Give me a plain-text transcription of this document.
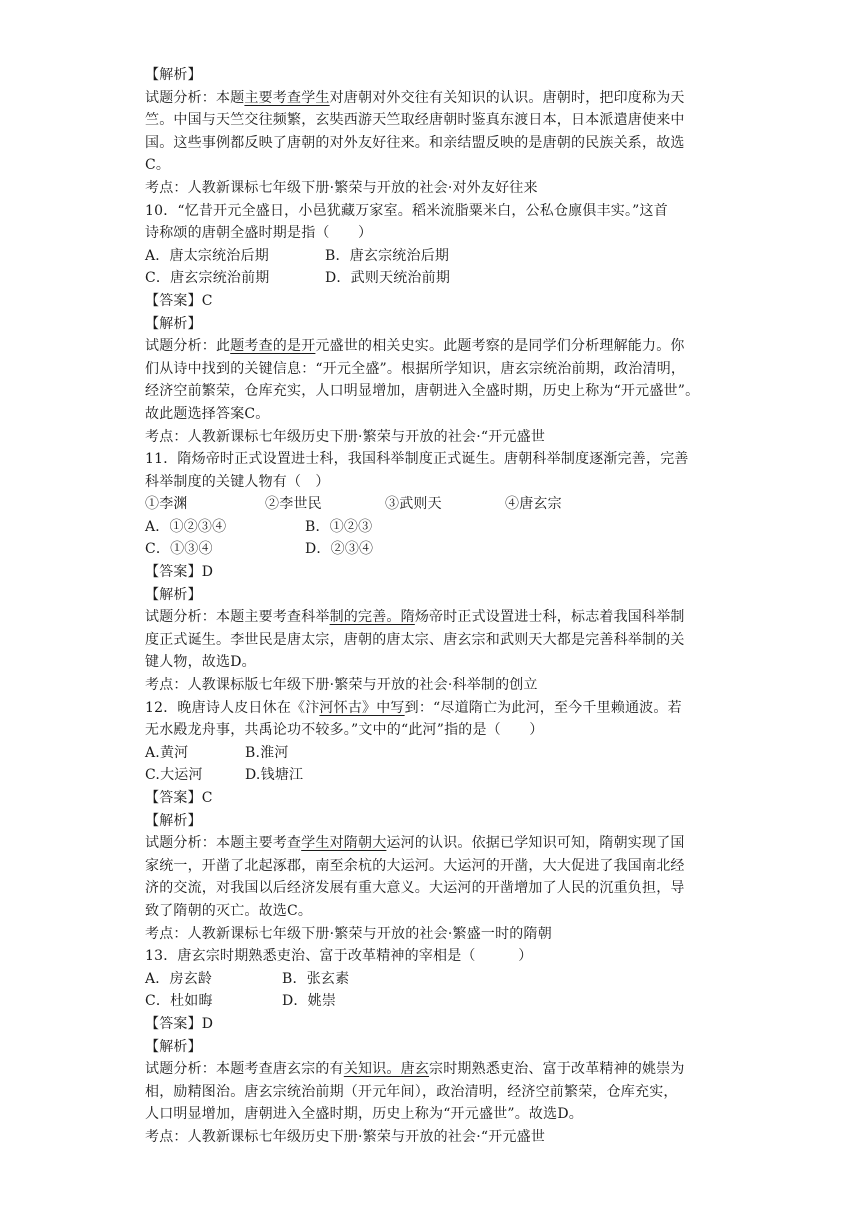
【解析】
试题分析：本题主要考查学生对唐朝对外交往有关知识的认识。唐朝时，把印度称为天
竺。中国与天竺交往频繁，玄奘西游天竺取经唐朝时鉴真东渡日本，日本派遣唐使来中
国。这些事例都反映了唐朝的对外友好往来。和亲结盟反映的是唐朝的民族关系，故选
C。
考点：人教新课标七年级下册·繁荣与开放的社会·对外友好往来
10．“忆昔开元全盛日，小邑犹藏万家室。稻米流脂粟米白，公私仓廪俱丰实。”这首
诗称颂的唐朝全盛时期是指（　　）
A．唐太宗统治后期	B．唐玄宗统治后期
C．唐玄宗统治前期	D．武则天统治前期
【答案】C
【解析】
试题分析：此题考查的是开元盛世的相关史实。此题考察的是同学们分析理解能力。你
们从诗中找到的关键信息：“开元全盛”。根据所学知识，唐玄宗统治前期，政治清明，
经济空前繁荣，仓库充实，人口明显增加，唐朝进入全盛时期，历史上称为“开元盛世”。
故此题选择答案C。
考点：人教新课标七年级历史下册·繁荣与开放的社会·“开元盛世
11．隋炀帝时正式设置进士科，我国科举制度正式诞生。唐朝科举制度逐渐完善，完善
科举制度的关键人物有（　）
①李渊	②李世民	③武则天	④唐玄宗
A．①②③④	B．①②③
C．①③④	D．②③④
【答案】D
【解析】
试题分析：本题主要考查科举制的完善。隋炀帝时正式设置进士科，标志着我国科举制
度正式诞生。李世民是唐太宗，唐朝的唐太宗、唐玄宗和武则天大都是完善科举制的关
键人物，故选D。
考点：人教课标版七年级下册·繁荣与开放的社会·科举制的创立
12．晚唐诗人皮日休在《汴河怀古》中写到：“尽道隋亡为此河，至今千里赖通波。若
无水殿龙舟事，共禹论功不较多。”文中的“此河”指的是（　　）
A.黄河	B.淮河
C.大运河	D.钱塘江
【答案】C
【解析】
试题分析：本题主要考查学生对隋朝大运河的认识。依据已学知识可知，隋朝实现了国
家统一，开凿了北起涿郡，南至余杭的大运河。大运河的开凿，大大促进了我国南北经
济的交流，对我国以后经济发展有重大意义。大运河的开凿增加了人民的沉重负担，导
致了隋朝的灭亡。故选C。
考点：人教新课标七年级下册·繁荣与开放的社会·繁盛一时的隋朝
13．唐玄宗时期熟悉吏治、富于改革精神的宰相是（　　　）
A．房玄龄	B．张玄素
C．杜如晦	D．姚崇
【答案】D
【解析】
试题分析：本题考查唐玄宗的有关知识。唐玄宗时期熟悉吏治、富于改革精神的姚崇为
相，励精图治。唐玄宗统治前期（开元年间），政治清明，经济空前繁荣，仓库充实，
人口明显增加，唐朝进入全盛时期，历史上称为“开元盛世”。故选D。
考点：人教新课标七年级历史下册·繁荣与开放的社会·“开元盛世
